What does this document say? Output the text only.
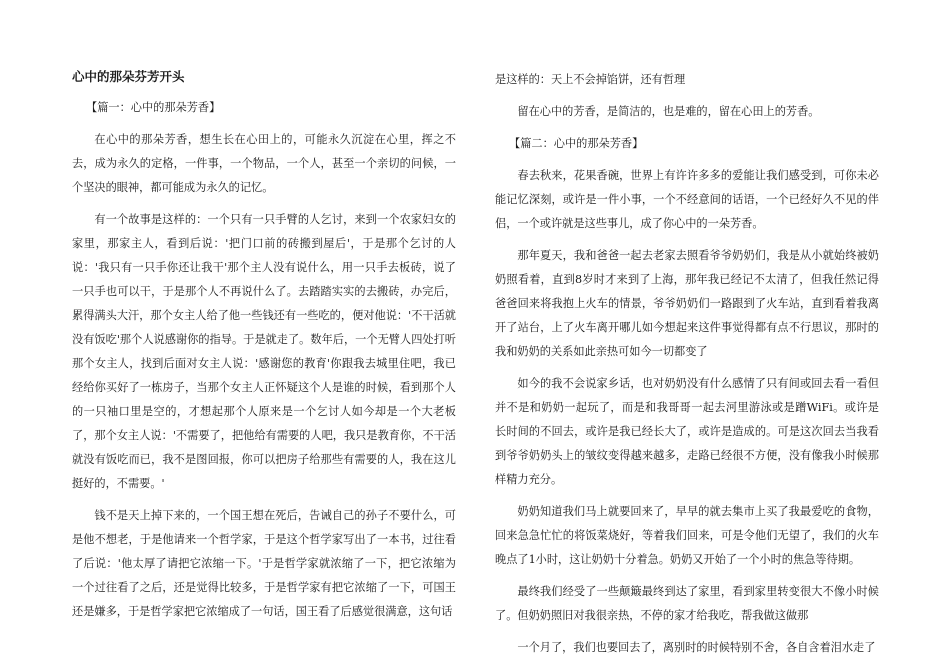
心中的那朵芬芳开头

【篇一：心中的那朵芳香】

在心中的那朵芳香，想生长在心田上的，可能永久沉淀在心里，挥之不去，成为永久的定格，一件事，一个物品，一个人，甚至一个亲切的问候，一个坚决的眼神，都可能成为永久的记忆。

有一个故事是这样的：一个只有一只手臂的人乞讨，来到一个农家妇女的家里，那家主人，看到后说：'把门口前的砖搬到屋后'，于是那个乞讨的人说：'我只有一只手你还让我干'那个主人没有说什么，用一只手去板砖，说了一只手也可以干，于是那个人不再说什么了。去踏踏实实的去搬砖，办完后，累得满头大汗，那个女主人给了他一些钱还有一些吃的，便对他说：'不干活就没有饭吃'那个人说感谢你的指导。于是就走了。数年后，一个无臂人四处打听那个女主人，找到后面对女主人说：'感谢您的教育'你跟我去城里住吧，我已经给你买好了一栋房子，当那个女主人正怀疑这个人是谁的时候，看到那个人的一只袖口里是空的，才想起那个人原来是一个乞讨人如今却是一个大老板了，那个女主人说：'不需要了，把他给有需要的人吧，我只是教育你，不干活就没有饭吃而已，我不是图回报，你可以把房子给那些有需要的人，我在这儿挺好的，不需要。'

钱不是天上掉下来的，一个国王想在死后，告诫自己的孙子不要什么，可是他不想老，于是他请来一个哲学家，于是这个哲学家写出了一本书，过往看了后说：'他太厚了请把它浓缩一下。'于是哲学家就浓缩了一下，把它浓缩为一个过往看了之后，还是觉得比较多，于是哲学家有把它浓缩了一下，可国王还是嫌多，于是哲学家把它浓缩成了一句话，国王看了后感觉很满意，这句话

是这样的：天上不会掉馅饼，还有哲理

留在心中的芳香，是简洁的，也是难的，留在心田上的芳香。

【篇二：心中的那朵芳香】

春去秋来，花果香碗，世界上有许许多多的爱能让我们感受到，可你未必能记忆深刻，或许是一件小事，一个不经意间的话语，一个已经好久不见的伴侣，一个或许就是这些事儿，成了你心中的一朵芳香。

那年夏天，我和爸爸一起去老家去照看爷爷奶奶们，我是从小就始终被奶奶照看着，直到8岁时才来到了上海，那年我已经记不太清了，但我任然记得爸爸回来将我抱上火车的情景，爷爷奶奶们一路跟到了火车站，直到看着我离开了站台，上了火车离开哪儿如今想起来这件事觉得都有点不行思议，那时的我和奶奶的关系如此亲热可如今一切都变了

如今的我不会说家乡话，也对奶奶没有什么感情了只有间或回去看一看但并不是和奶奶一起玩了，而是和我哥哥一起去河里游泳或是蹭WiFi。或许是长时间的不回去，或许是我已经长大了，或许是造成的。可是这次回去当我看到爷爷奶奶头上的皱纹变得越来越多，走路已经很不方便，没有像我小时候那样精力充分。

奶奶知道我们马上就要回来了，早早的就去集市上买了我最爱吃的食物，回来急急忙忙的将饭菜烧好，等着我们回来，可是令他们无望了，我们的火车晚点了1小时，这让奶奶十分着急。奶奶又开始了一个小时的焦急等待期。

最终我们经受了一些颠簸最终到达了家里，看到家里转变很大不像小时候了。但奶奶照旧对我很亲热，不停的家才给我吃，帮我做这做那

一个月了，我们也要回去了，离别时的时候特别不舍，各自含着泪水走了
